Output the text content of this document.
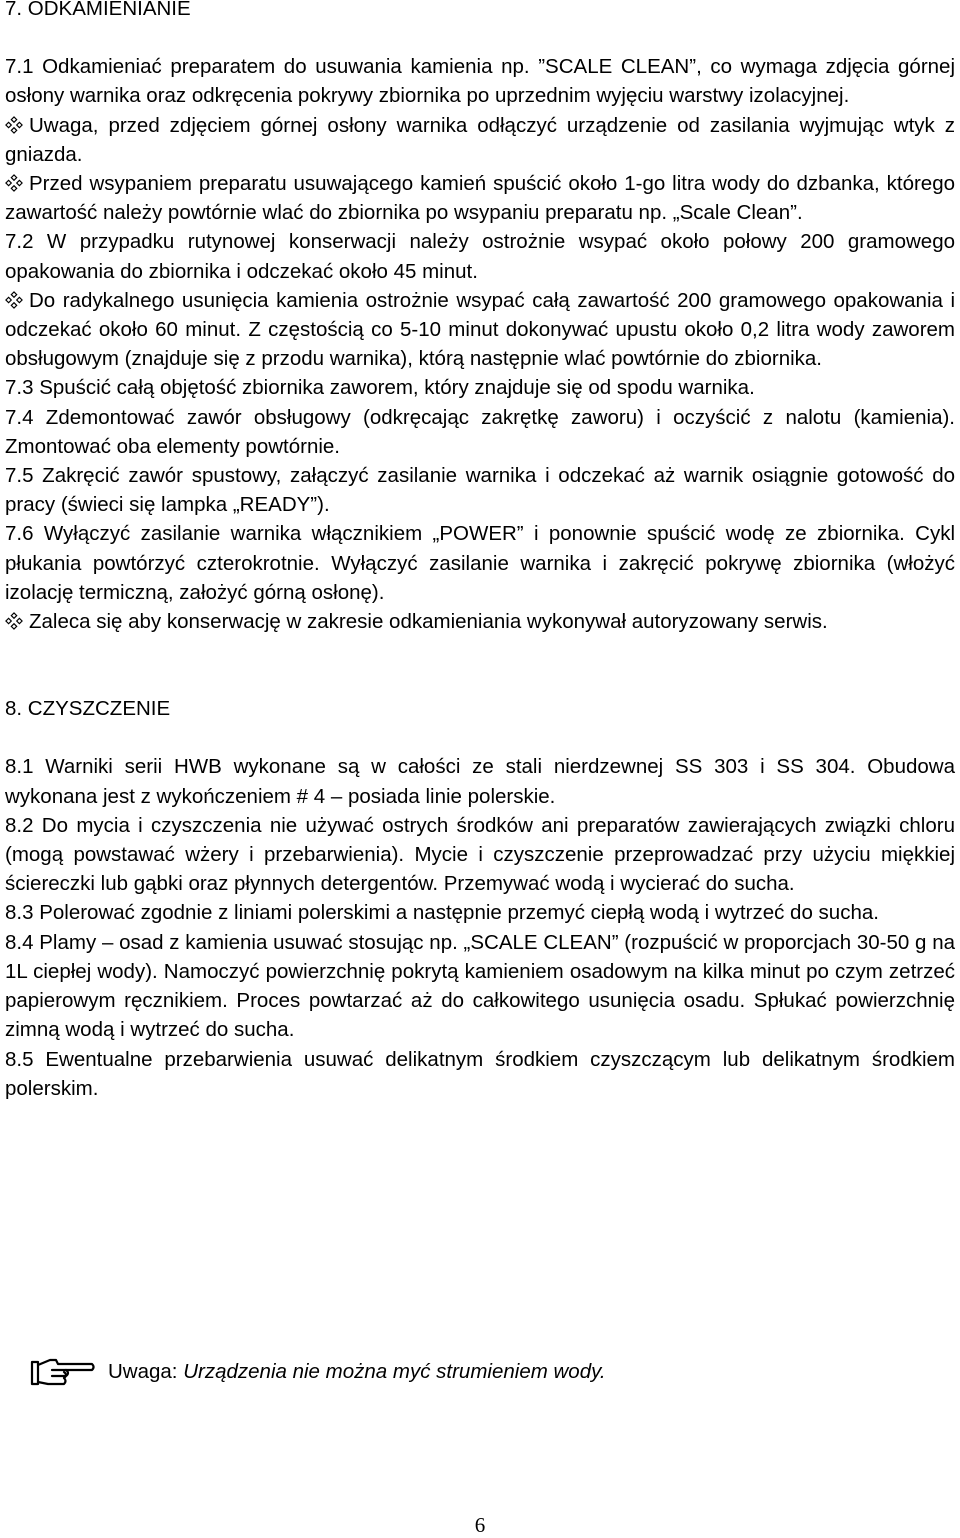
7. ODKAMIENIANIE

7.1 Odkamieniać preparatem do usuwania kamienia np. ”SCALE CLEAN”, co wymaga zdjęcia górnej osłony warnika oraz odkręcenia pokrywy zbiornika po uprzednim wyjęciu warstwy izolacyjnej.

Uwaga, przed zdjęciem górnej osłony warnika odłączyć urządzenie od zasilania wyjmując wtyk z gniazda.

Przed wsypaniem preparatu usuwającego kamień spuścić około 1-go litra wody do dzbanka, którego zawartość należy powtórnie wlać do zbiornika po wsypaniu preparatu np. „Scale Clean”.

7.2 W przypadku rutynowej konserwacji należy ostrożnie wsypać około połowy 200 gramowego opakowania do zbiornika i odczekać około 45 minut.

Do radykalnego usunięcia kamienia ostrożnie wsypać całą zawartość 200 gramowego opakowania i odczekać około 60 minut. Z częstością co 5-10 minut dokonywać upustu około 0,2 litra wody zaworem obsługowym (znajduje się z przodu warnika), którą następnie wlać powtórnie do zbiornika.

7.3 Spuścić całą objętość zbiornika zaworem, który znajduje się od spodu warnika.

7.4 Zdemontować zawór obsługowy (odkręcając zakrętkę zaworu) i oczyścić z nalotu (kamienia). Zmontować oba elementy powtórnie.

7.5 Zakręcić zawór spustowy, załączyć zasilanie warnika i odczekać aż warnik osiągnie gotowość do pracy (świeci się lampka „READY”).

7.6 Wyłączyć zasilanie warnika włącznikiem „POWER” i ponownie spuścić wodę ze zbiornika. Cykl płukania powtórzyć czterokrotnie. Wyłączyć zasilanie warnika i zakręcić pokrywę zbiornika (włożyć izolację termiczną, założyć górną osłonę).

Zaleca się aby konserwację w zakresie odkamieniania wykonywał autoryzowany serwis.

8. CZYSZCZENIE

8.1 Warniki serii HWB wykonane są w całości ze stali nierdzewnej SS 303 i SS 304. Obudowa wykonana jest z wykończeniem # 4 – posiada linie polerskie.

8.2 Do mycia i czyszczenia nie używać ostrych środków ani preparatów zawierających związki chloru (mogą powstawać wżery i przebarwienia). Mycie i czyszczenie przeprowadzać przy użyciu miękkiej ściereczki lub gąbki oraz płynnych detergentów. Przemywać wodą i wycierać do sucha.

8.3 Polerować zgodnie z liniami polerskimi a następnie przemyć ciepłą wodą i wytrzeć do sucha.

8.4 Plamy – osad z kamienia usuwać stosując np. „SCALE CLEAN” (rozpuścić w proporcjach 30-50 g na 1L ciepłej wody). Namoczyć powierzchnię pokrytą kamieniem osadowym na kilka minut po czym zetrzeć papierowym ręcznikiem. Proces powtarzać aż do całkowitego usunięcia osadu. Spłukać powierzchnię zimną wodą i wytrzeć do sucha.

8.5 Ewentualne przebarwienia usuwać delikatnym środkiem czyszczącym lub delikatnym środkiem polerskim.

Uwaga: Urządzenia nie można myć strumieniem wody.
6
